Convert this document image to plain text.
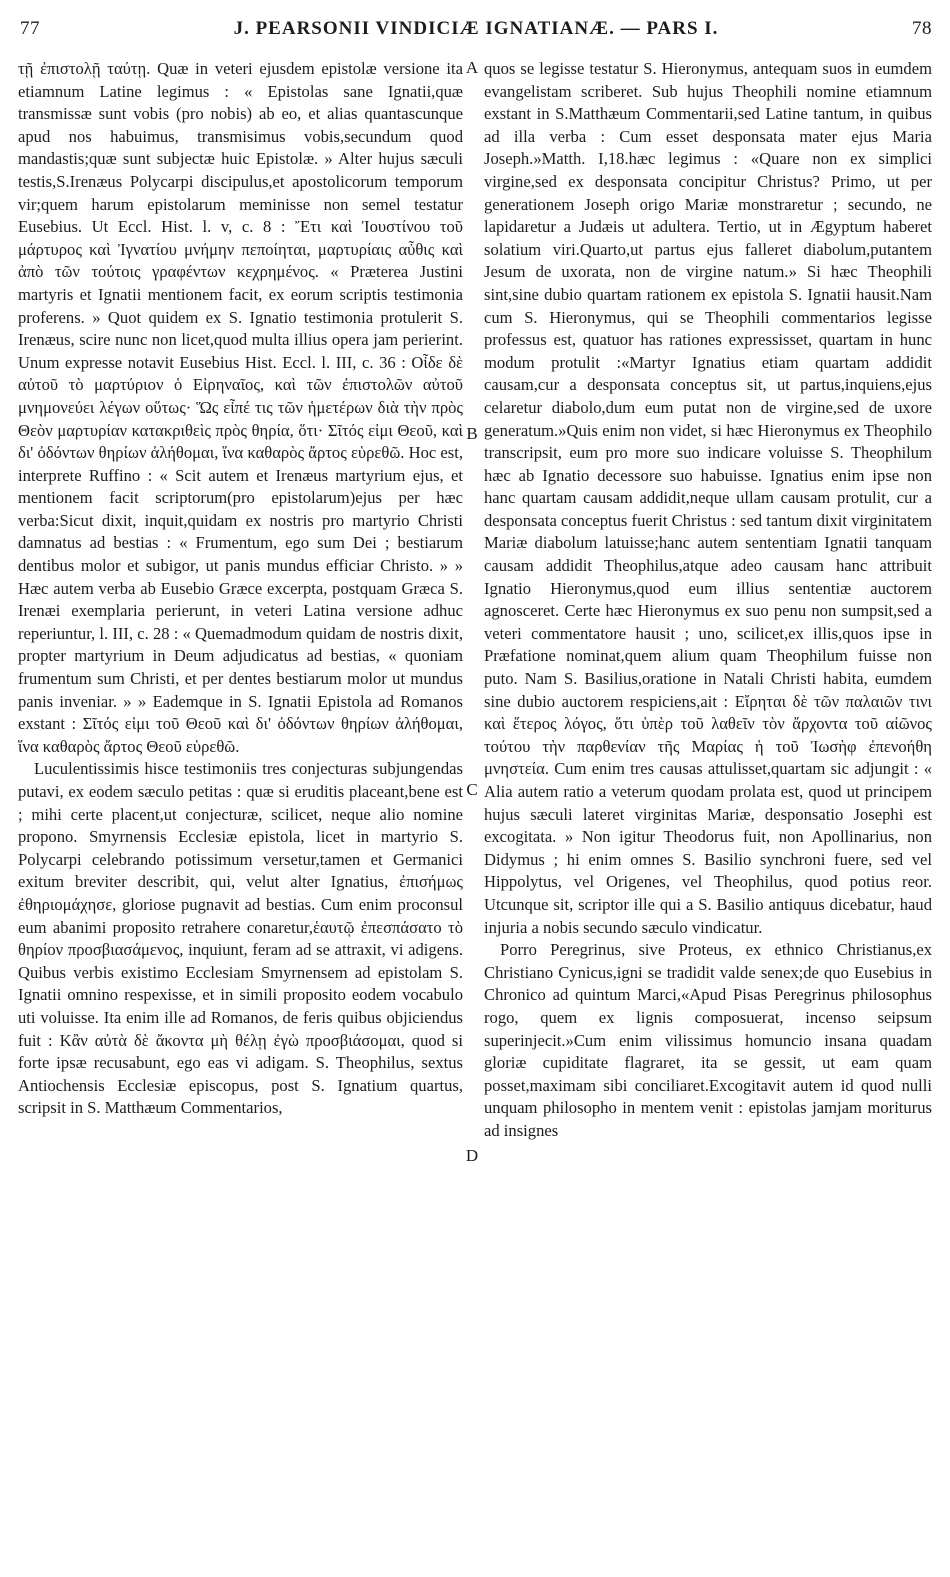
77	J. PEARSONII VINDICIÆ IGNATIANÆ. — PARS I.	78

τῇ ἐπιστολῇ ταύτῃ. Quæ in veteri ejusdem epistolæ versione ita etiamnum Latine legimus : « Epistolas sane Ignatii,quæ transmissæ sunt vobis (pro nobis) ab eo, et alias quantascunque apud nos habuimus, transmisimus vobis,secundum quod mandastis;quæ sunt subjectæ huic Epistolæ. » Alter hujus sæculi testis,S.Irenæus Polycarpi discipulus,et apostolicorum temporum vir;quem harum epistolarum meminisse non semel testatur Eusebius. Ut Eccl. Hist. l. v, c. 8 : Ἔτι καὶ Ἰουστίνου τοῦ μάρτυρος καὶ Ἰγνατίου μνήμην πεποίηται, μαρτυρίαις αὖθις καὶ ἀπὸ τῶν τούτοις γραφέντων κεχρημένος. « Præterea Justini martyris et Ignatii mentionem facit, ex eorum scriptis testimonia proferens. » Quot quidem ex S. Ignatio testimonia protulerit S. Irenæus, scire nunc non licet,quod multa illius opera jam perierint. Unum expresse notavit Eusebius Hist. Eccl. l. III, c. 36 : Οἶδε δὲ αὐτοῦ τὸ μαρτύριον ὁ Εἰρηναῖος, καὶ τῶν ἐπιστολῶν αὐτοῦ μνημονεύει λέγων οὕτως· Ὥς εἶπέ τις τῶν ἡμετέρων διὰ τὴν πρὸς Θεὸν μαρτυρίαν κατακριθεὶς πρὸς θηρία, ὅτι· Σῖτός εἰμι Θεοῦ, καὶ δι' ὀδόντων θηρίων ἀλήθομαι, ἵνα καθαρὸς ἄρτος εὑρεθῶ. Hoc est, interprete Ruffino : « Scit autem et Irenæus martyrium ejus, et mentionem facit scriptorum(pro epistolarum)ejus per hæc verba:Sicut dixit, inquit,quidam ex nostris pro martyrio Christi damnatus ad bestias : « Frumentum, ego sum Dei ; bestiarum dentibus molor et subigor, ut panis mundus efficiar Christo. » » Hæc autem verba ab Eusebio Græce excerpta, postquam Græca S. Irenæi exemplaria perierunt, in veteri Latina versione adhuc reperiuntur, l. III, c. 28 : « Quemadmodum quidam de nostris dixit, propter martyrium in Deum adjudicatus ad bestias, « quoniam frumentum sum Christi, et per dentes bestiarum molor ut mundus panis inveniar. » » Eademque in S. Ignatii Epistola ad Romanos exstant : Σῖτός εἰμι τοῦ Θεοῦ καὶ δι' ὀδόντων θηρίων ἀλήθομαι, ἵνα καθαρὸς ἄρτος Θεοῦ εὑρεθῶ.

Luculentissimis hisce testimoniis tres conjecturas subjungendas putavi, ex eodem sæculo petitas : quæ si eruditis placeant,bene est ; mihi certe placent,ut conjecturæ, scilicet, neque alio nomine propono. Smyrnensis Ecclesiæ epistola, licet in martyrio S. Polycarpi celebrando potissimum versetur,tamen et Germanici exitum breviter describit, qui, velut alter Ignatius, ἐπισήμως ἐθηριομάχησε, gloriose pugnavit ad bestias. Cum enim proconsul eum abanimi proposito retrahere conaretur,ἑαυτῷ ἐπεσπάσατο τὸ θηρίον προσβιασάμενος, inquiunt, feram ad se attraxit, vi adigens. Quibus verbis existimo Ecclesiam Smyrnensem ad epistolam S. Ignatii omnino respexisse, et in simili proposito eodem vocabulo uti voluisse. Ita enim ille ad Romanos, de feris quibus objiciendus fuit : Κἂν αὐτὰ δὲ ἄκοντα μὴ θέλῃ ἐγὼ προσβιάσομαι, quod si forte ipsæ recusabunt, ego eas vi adigam. S. Theophilus, sextus Antiochensis Ecclesiæ episcopus, post S. Ignatium quartus, scripsit in S. Matthæum Commentarios,

A
B
C
D

quos se legisse testatur S. Hieronymus, antequam suos in eumdem evangelistam scriberet. Sub hujus Theophili nomine etiamnum exstant in S.Matthæum Commentarii,sed Latine tantum, in quibus ad illa verba : Cum esset desponsata mater ejus Maria Joseph.»Matth. I,18.hæc legimus : «Quare non ex simplici virgine,sed ex desponsata concipitur Christus? Primo, ut per generationem Joseph origo Mariæ monstraretur ; secundo, ne lapidaretur a Judæis ut adultera. Tertio, ut in Ægyptum haberet solatium viri.Quarto,ut partus ejus falleret diabolum,putantem Jesum de uxorata, non de virgine natum.» Si hæc Theophili sint,sine dubio quartam rationem ex epistola S. Ignatii hausit.Nam cum S. Hieronymus, qui se Theophili commentarios legisse professus est, quatuor has rationes expressisset, quartam in hunc modum protulit :«Martyr Ignatius etiam quartam addidit causam,cur a desponsata conceptus sit, ut partus,inquiens,ejus celaretur diabolo,dum eum putat non de virgine,sed de uxore generatum.»Quis enim non videt, si hæc Hieronymus ex Theophilo transcripsit, eum pro more suo indicare voluisse S. Theophilum hæc ab Ignatio decessore suo habuisse. Ignatius enim ipse non hanc quartam causam addidit,neque ullam causam protulit, cur a desponsata conceptus fuerit Christus : sed tantum dixit virginitatem Mariæ diabolum latuisse;hanc autem sententiam Ignatii tanquam causam addidit Theophilus,atque adeo causam hanc attribuit Ignatio Hieronymus,quod eum illius sententiæ auctorem agnosceret. Certe hæc Hieronymus ex suo penu non sumpsit,sed a veteri commentatore hausit ; uno, scilicet,ex illis,quos ipse in Præfatione nominat,quem alium quam Theophilum fuisse non puto. Nam S. Basilius,oratione in Natali Christi habita, eumdem sine dubio auctorem respiciens,ait : Εἴρηται δὲ τῶν παλαιῶν τινι καὶ ἕτερος λόγος, ὅτι ὑπὲρ τοῦ λαθεῖν τὸν ἄρχοντα τοῦ αἰῶνος τούτου τὴν παρθενίαν τῆς Μαρίας ἡ τοῦ Ἰωσὴφ ἐπενοήθη μνηστεία. Cum enim tres causas attulisset,quartam sic adjungit : « Alia autem ratio a veterum quodam prolata est, quod ut principem hujus sæculi lateret virginitas Mariæ, desponsatio Josephi est excogitata. » Non igitur Theodorus fuit, non Apollinarius, non Didymus ; hi enim omnes S. Basilio synchroni fuere, sed vel Hippolytus, vel Origenes, vel Theophilus, quod potius reor. Utcunque sit, scriptor ille qui a S. Basilio antiquus dicebatur, haud injuria a nobis secundo sæculo vindicatur.

Porro Peregrinus, sive Proteus, ex ethnico Christianus,ex Christiano Cynicus,igni se tradidit valde senex;de quo Eusebius in Chronico ad quintum Marci,«Apud Pisas Peregrinus philosophus rogo, quem ex lignis composuerat, incenso seipsum superinjecit.»Cum enim vilissimus homuncio insana quadam gloriæ cupiditate flagraret, ita se gessit, ut eam quam posset,maximam sibi conciliaret.Excogitavit autem id quod nulli unquam philosopho in mentem venit : epistolas jamjam moriturus ad insignes
